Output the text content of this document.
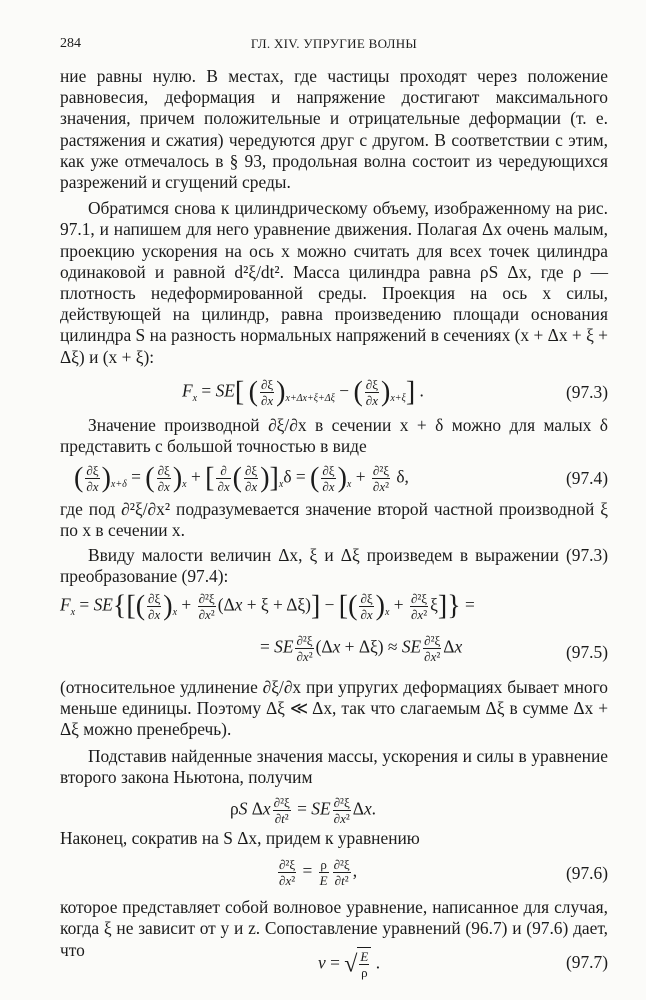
284	ГЛ. XIV. УПРУГИЕ ВОЛНЫ

ние равны нулю. В местах, где частицы проходят через положение равновесия, деформация и напряжение достигают максимального значения, причем положительные и отрицательные деформации (т. е. растяжения и сжатия) чередуются друг с другом. В соответствии с этим, как уже отмечалось в § 93, продольная волна состоит из чередующихся разрежений и сгущений среды.

Обратимся снова к цилиндрическому объему, изображенному на рис. 97.1, и напишем для него уравнение движения. Полагая Δx очень малым, проекцию ускорения на ось x можно считать для всех точек цилиндра одинаковой и равной d²ξ/dt². Масса цилиндра равна ρS Δx, где ρ — плотность недеформированной среды. Проекция на ось x силы, действующей на цилиндр, равна произведению площади основания цилиндра S на разность нормальных напряжений в сечениях (x + Δx + ξ + Δξ) и (x + ξ):

$F_x = SE$[ ( $\frac{\partial\xi}{\partial x} )_{x+\Delta x+\xi+\Delta\xi}$ − ( $\frac{\partial\xi}{\partial x} )_{x+\xi}$] .	(97.3)

Значение производной ∂ξ/∂x в сечении x + δ можно для малых δ представить с большой точностью в виде

( $\frac{\partial\xi}{\partial x} )_{x+\delta}$ = ( $\frac{\partial\xi}{\partial x} )_x$ + [ $\frac{\partial}{\partial x}$ ( $\frac{\partial\xi}{\partial x} )]_x\delta$ = ( $\frac{\partial\xi}{\partial x} )_x + \frac{\text{∂²ξ}}{\text{∂x²}} \delta$,	(97.4)

где под ∂²ξ/∂x² подразумевается значение второй частной производной ξ по x в сечении x.

Ввиду малости величин Δx, ξ и Δξ произведем в выражении (97.3) преобразование (97.4):

$F_x = SE\{[( \frac{\partial\xi}{\partial x} )_x + \frac{\text{∂²ξ}}{\text{∂x²}} (\Delta x + \xi + \Delta\xi)]$ − [( $\frac{\partial\xi}{\partial x} )_x + \frac{\text{∂²ξ}}{\text{∂x²}} \xi$]} =
= SE $\frac{\text{∂²ξ}}{\text{∂x²}} (\Delta x + \Delta\xi)$ ≈ SE $\frac{\text{∂²ξ}}{\text{∂x²}}$ Δx	(97.5)

(относительное удлинение ∂ξ/∂x при упругих деформациях бывает много меньше единицы. Поэтому Δξ ≪ Δx, так что слагаемым Δξ в сумме Δx + Δξ можно пренебречь).

Подставив найденные значения массы, ускорения и силы в уравнение второго закона Ньютона, получим

ρS Δx $\frac{\text{∂²ξ}}{\text{∂t²}}$ = SE $\frac{\text{∂²ξ}}{\text{∂x²}} \Delta x$.

Наконец, сократив на S Δx, придем к уравнению

$\frac{\text{∂²ξ}}{\text{∂x²}} = \frac{\rho}{E} \frac{\text{∂²ξ}}{\text{∂t²}}$ ,	(97.6)

которое представляет собой волновое уравнение, написанное для случая, когда ξ не зависит от y и z. Сопоставление уравнений (96.7) и (97.6) дает, что

v = √ $\frac{E}{\rho}$ .	(97.7)
